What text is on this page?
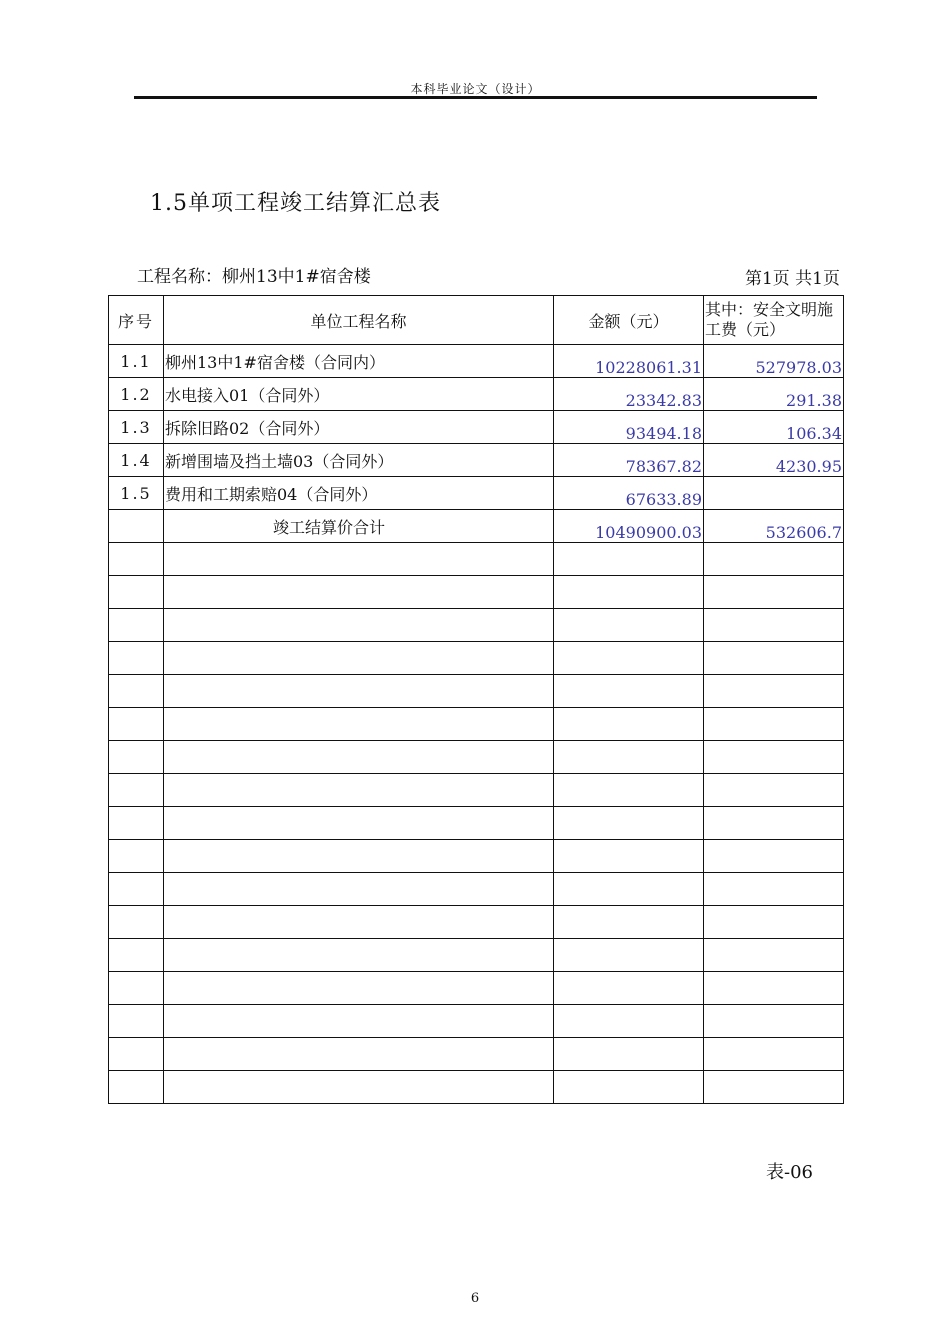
本科毕业论文（设计）
1.5单项工程竣工结算汇总表
工程名称：柳州13中1#宿舍楼	第1页 共1页
序号	单位工程名称	金额（元）	其中：安全文明施工费（元）
1.1	柳州13中1#宿舍楼（合同内）	10228061.31	527978.03
1.2	水电接入01（合同外）	23342.83	291.38
1.3	拆除旧路02（合同外）	93494.18	106.34
1.4	新增围墙及挡土墙03（合同外）	78367.82	4230.95
1.5	费用和工期索赔04（合同外）	67633.89	
	竣工结算价合计	10490900.03	532606.7

表-06
6
